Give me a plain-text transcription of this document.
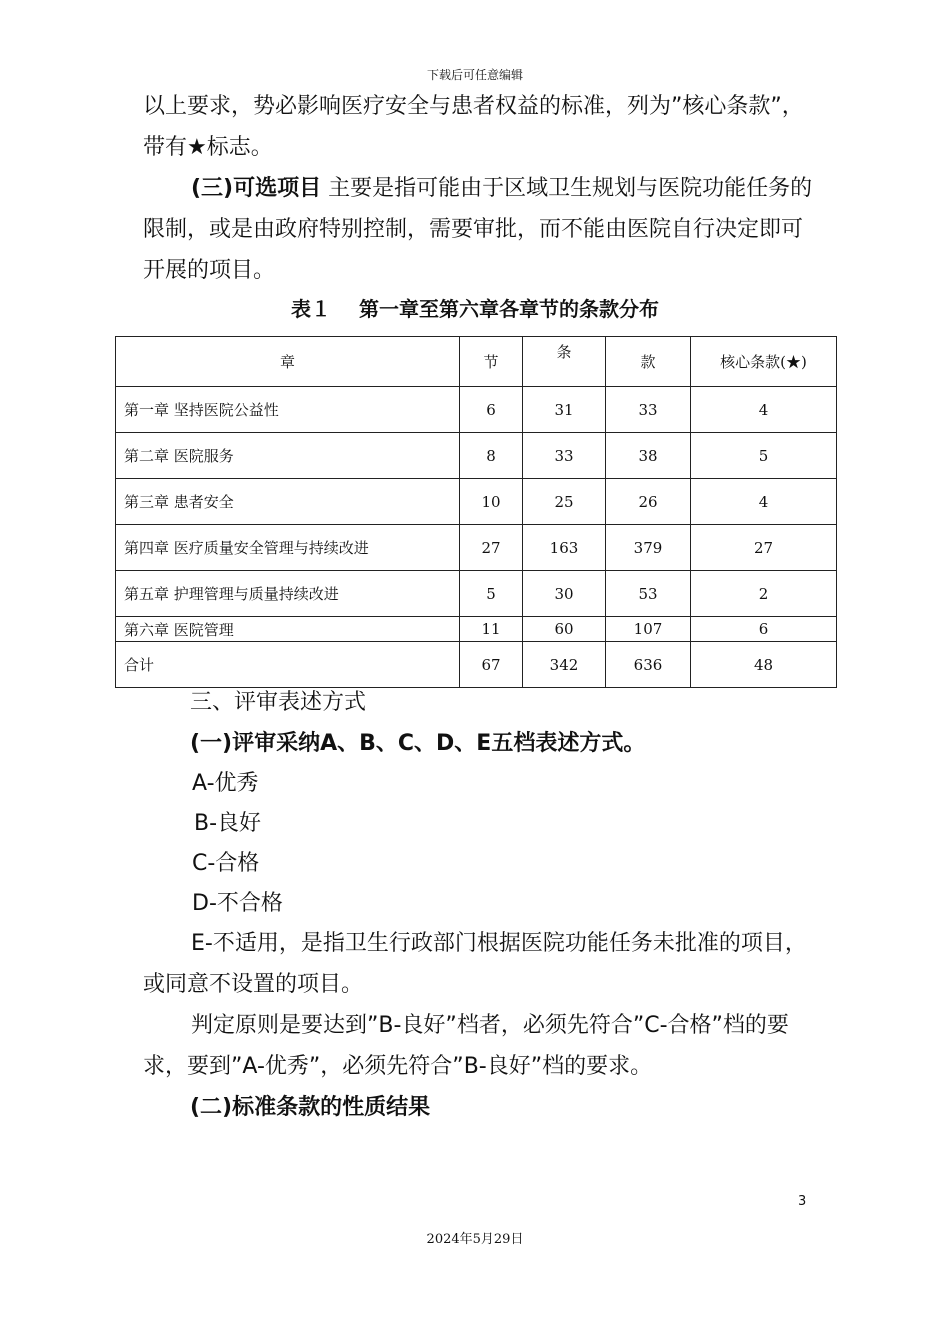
下载后可任意编辑
以上要求，势必影响医疗安全与患者权益的标准，列为”核心条款”，带有★标志。
(三)可选项目 主要是指可能由于区域卫生规划与医院功能任务的限制，或是由政府特别控制，需要审批，而不能由医院自行决定即可开展的项目。
表１ 第一章至第六章各章节的条款分布
章	节	条	款	核心条款(★)
第一章 坚持医院公益性	6	31	33	4
第二章 医院服务	8	33	38	5
第三章 患者安全	10	25	26	4
第四章 医疗质量安全管理与持续改进	27	163	379	27
第五章 护理管理与质量持续改进	5	30	53	2
第六章 医院管理	11	60	107	6
合计	67	342	636	48
三、评审表述方式
(一)评审采纳A、B、C、D、E五档表述方式。
A-优秀
B-良好
C-合格
D-不合格
E-不适用，是指卫生行政部门根据医院功能任务未批准的项目，或同意不设置的项目。
判定原则是要达到”B-良好”档者，必须先符合”C-合格”档的要求，要到”A-优秀”，必须先符合”B-良好”档的要求。
(二)标准条款的性质结果
3
2024年5月29日
